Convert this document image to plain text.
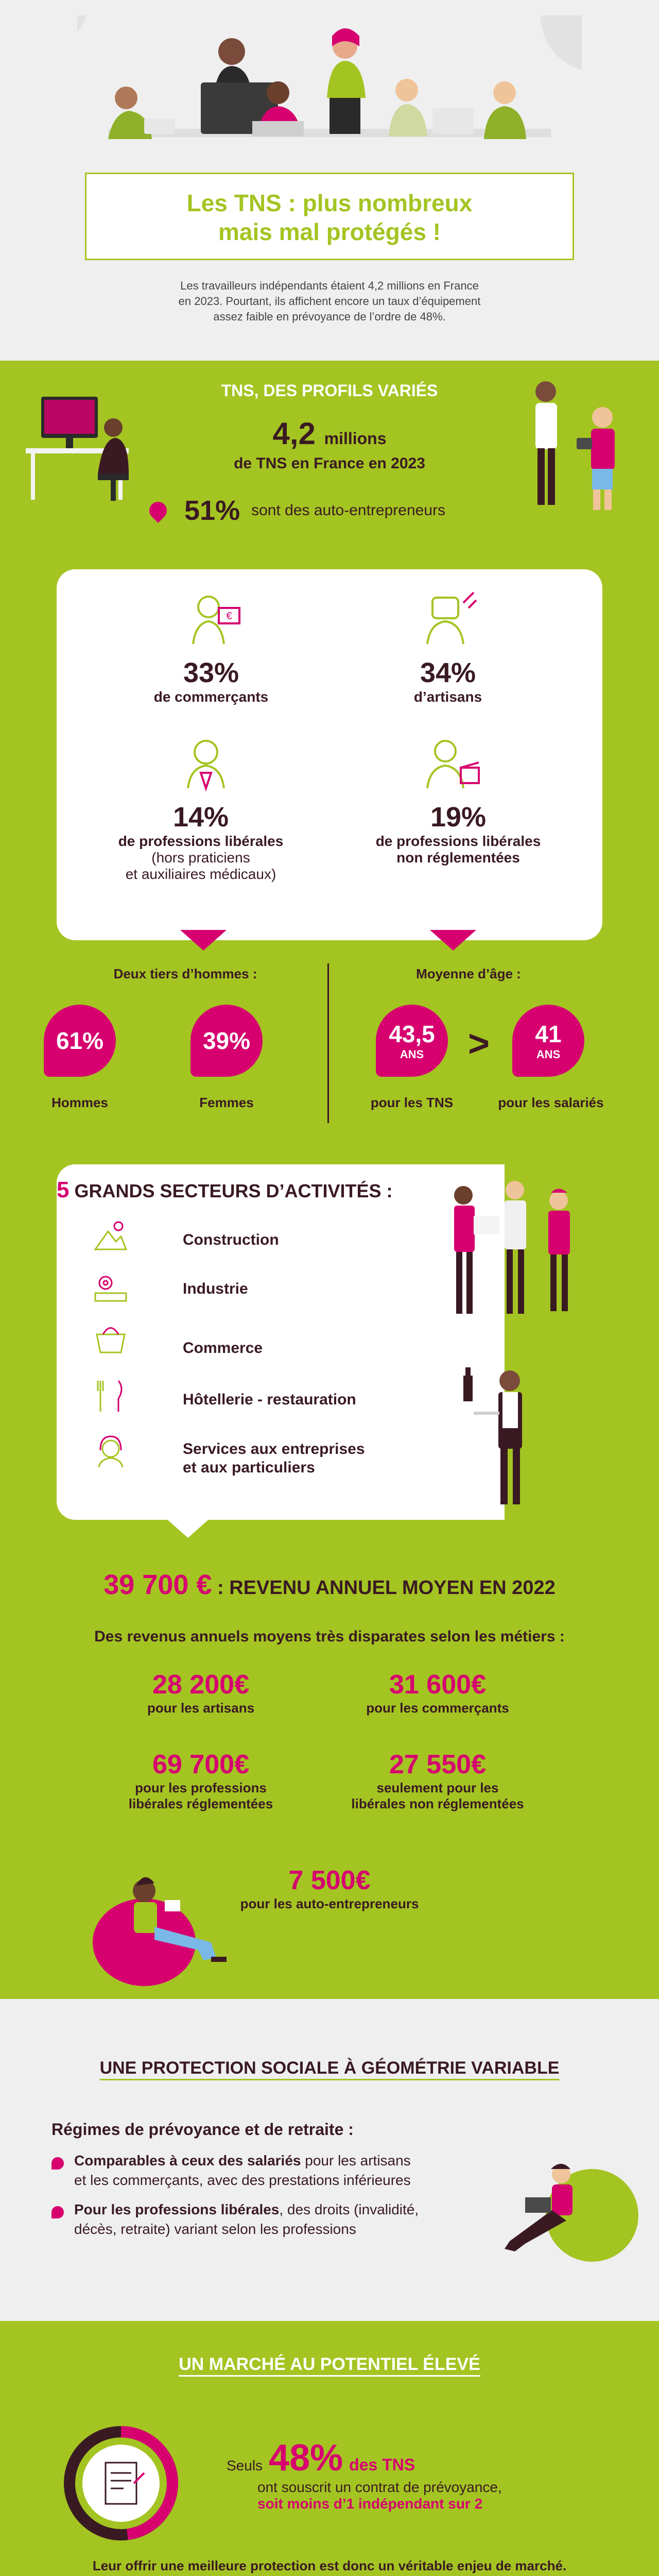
Les TNS : plus nombreux
mais mal protégés !
Les travailleurs indépendants étaient 4,2 millions en France
en 2023. Pourtant, ils affichent encore un taux d’équipement
assez faible en prévoyance de l’ordre de 48%.
TNS, DES PROFILS VARIÉS
4,2 millions
de TNS en France en 2023
51% sont des auto-entrepreneurs
€
33%
de commerçants
34%
d’artisans
14%
de professions libérales
(hors praticiens
et auxiliaires médicaux)
19%
de professions libérales
non réglementées
Deux tiers d’hommes :
61%
Hommes
39%
Femmes
Moyenne d’âge :
43,5
ANS > 41
ANS
pour les TNS	pour les salariés
5 GRANDS SECTEURS D’ACTIVITÉS :
Construction
Industrie
Commerce
Hôtellerie - restauration
Services aux entreprises
et aux particuliers
39 700 € : REVENU ANNUEL MOYEN EN 2022
Des revenus annuels moyens très disparates selon les métiers :
28 200€
pour les artisans
31 600€
pour les commerçants
69 700€
pour les professions
libérales réglementées
27 550€
seulement pour les
libérales non réglementées
7 500€
pour les auto-entrepreneurs
UNE PROTECTION SOCIALE À GÉOMÉTRIE VARIABLE
Régimes de prévoyance et de retraite :
Comparables à ceux des salariés pour les artisans
et les commerçants, avec des prestations inférieures
Pour les professions libérales, des droits (invalidité,
décès, retraite) variant selon les professions
UN MARCHÉ AU POTENTIEL ÉLEVÉ
Seuls 48% des TNS
ont souscrit un contrat de prévoyance,
soit moins d’1 indépendant sur 2
Leur offrir une meilleure protection est donc un véritable enjeu de marché.
